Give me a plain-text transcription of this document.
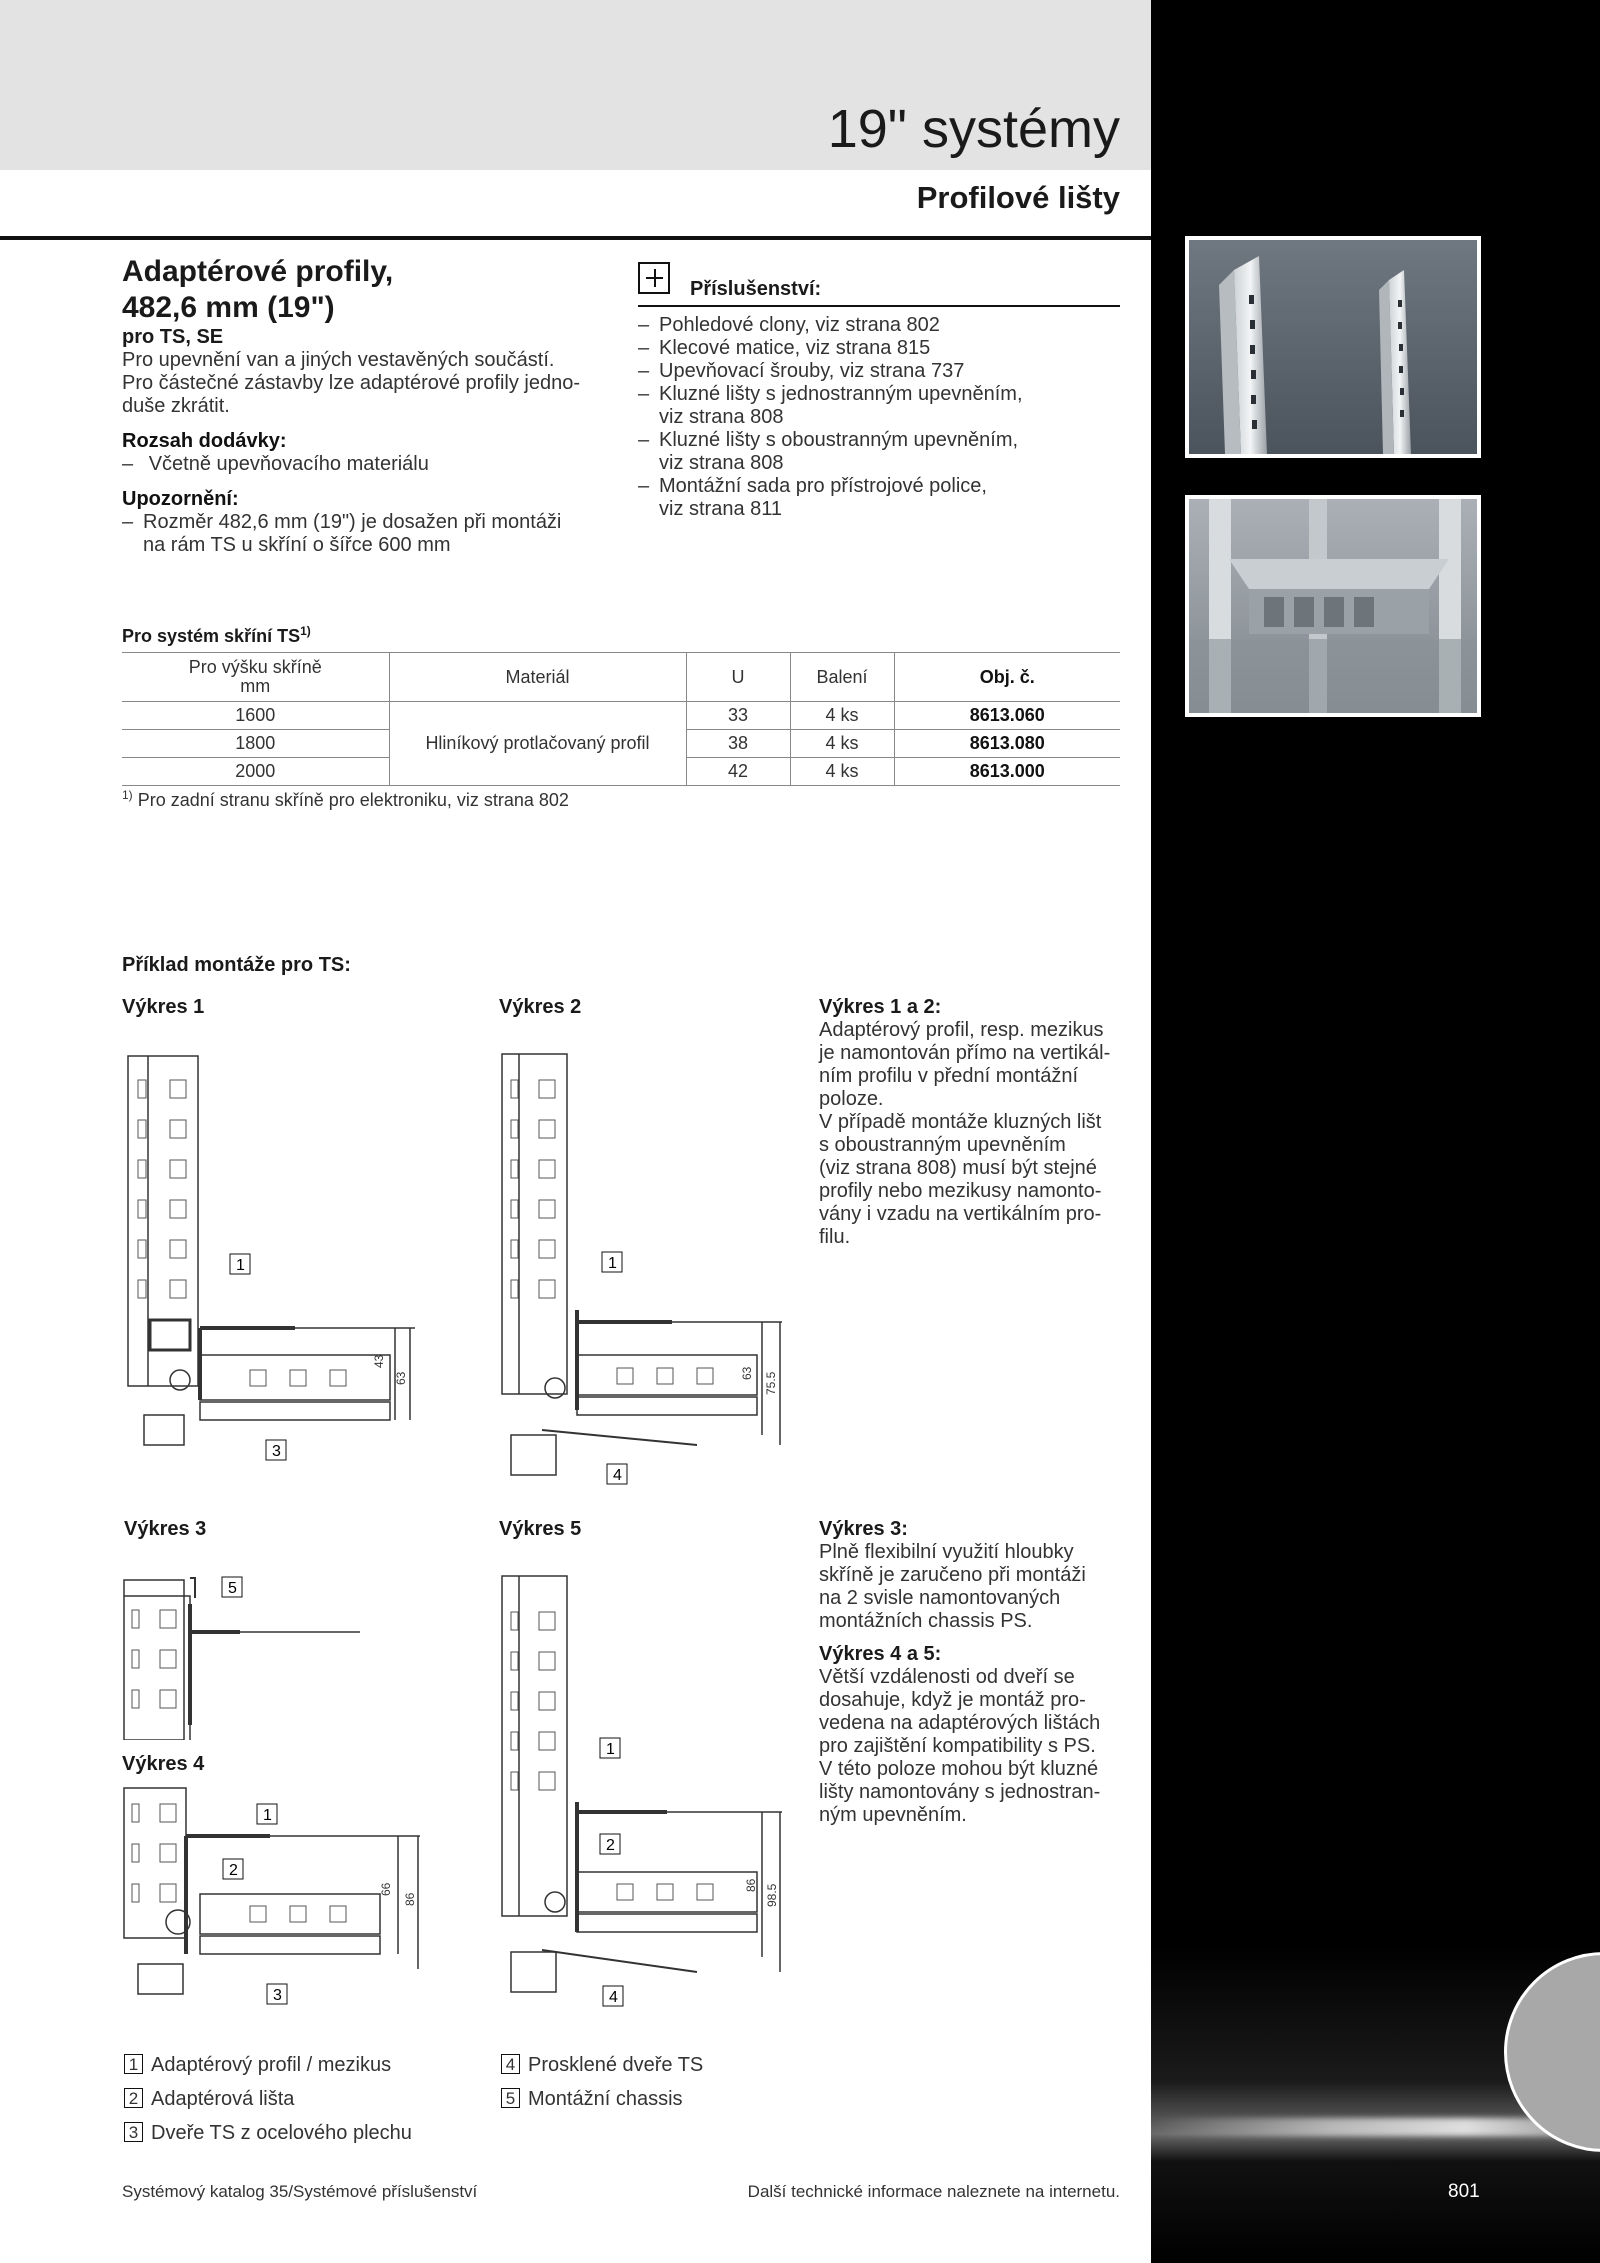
19" systémy
Profilové lišty
Adaptérové profily,
482,6 mm (19")
pro TS, SE
Pro upevnění van a jiných vestavěných součástí.
Pro částečné zástavby lze adaptérové profily jedno-
duše zkrátit.
Rozsah dodávky:
– Včetně upevňovacího materiálu
Upozornění:
– Rozměr 482,6 mm (19") je dosažen při montáži
na rám TS u skříní o šířce 600 mm
Příslušenství:
– Pohledové clony, viz strana 802
– Klecové matice, viz strana 815
– Upevňovací šrouby, viz strana 737
– Kluzné lišty s jednostranným upevněním,
viz strana 808
– Kluzné lišty s oboustranným upevněním,
viz strana 808
– Montážní sada pro přístrojové police,
viz strana 811
Pro systém skříní TS$^{1)}$
Pro výšku skříně
mm	Materiál	U	Balení	Obj. č.
1600	Hliníkový protlačovaný profil	33	4 ks	8613.060
1800		38	4 ks	8613.080
2000		42	4 ks	8613.000
$^{1)}$ Pro zadní stranu skříně pro elektroniku, viz strana 802
Příklad montáže pro TS:
Výkres 1	Výkres 2
Výkres 3
Výkres 4
Výkres 5
43
63
1
3
63 75.5
1
4
5
66
86
1
2
3
86 98.5
1
2
4
Výkres 1 a 2:
Adaptérový profil, resp. mezikus
je namontován přímo na vertikál-
ním profilu v přední montážní
poloze.
V případě montáže kluzných lišt
s oboustranným upevněním
(viz strana 808) musí být stejné
profily nebo mezikusy namonto-
vány i vzadu na vertikálním pro-
filu.
Výkres 3:
Plně flexibilní využití hloubky
skříně je zaručeno při montáži
na 2 svisle namontovaných
montážních chassis PS.
Výkres 4 a 5:
Větší vzdálenosti od dveří se
dosahuje, když je montáž pro-
vedena na adaptérových lištách
pro zajištění kompatibility s PS.
V této poloze mohou být kluzné
lišty namontovány s jednostran-
ným upevněním.
1 Adaptérový profil / mezikus
2 Adaptérová lišta
3 Dveře TS z ocelového plechu
4 Prosklené dveře TS
5 Montážní chassis
Systémový katalog 35/Systémové příslušenství	Další technické informace naleznete na internetu.	801
